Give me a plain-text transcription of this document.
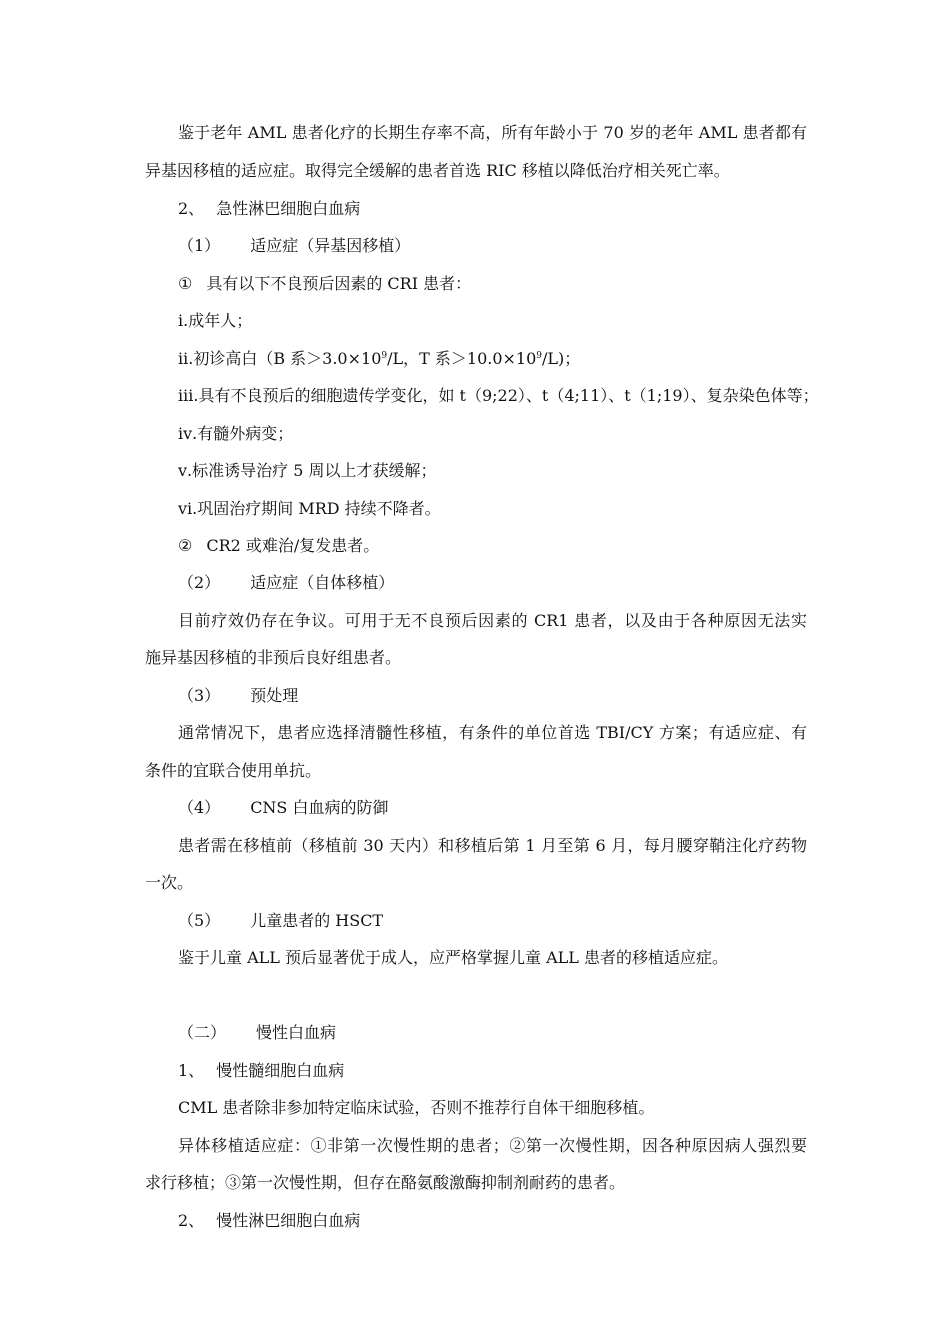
鉴于老年 AML 患者化疗的长期生存率不高，所有年龄小于 70 岁的老年 AML 患者都有

异基因移植的适应症。取得完全缓解的患者首选 RIC 移植以降低治疗相关死亡率。

2、 急性淋巴细胞白血病

（1） 适应症（异基因移植）

① 具有以下不良预后因素的 CRI 患者：

ⅰ.成年人；

ⅱ.初诊高白（B 系$>3.0\times 10^9/L$，T 系$>10.0\times 10^9/L$)；

ⅲ.具有不良预后的细胞遗传学变化，如 t（9;22）、t（4;11）、t（1;19）、复杂染色体等；

ⅳ.有髓外病变；

ⅴ.标准诱导治疗 5 周以上才获缓解；

ⅵ.巩固治疗期间 MRD 持续不降者。

② CR2 或难治/复发患者。

（2） 适应症（自体移植）

目前疗效仍存在争议。可用于无不良预后因素的 CR1 患者，以及由于各种原因无法实

施异基因移植的非预后良好组患者。

（3） 预处理

通常情况下，患者应选择清髓性移植，有条件的单位首选 TBI/CY 方案；有适应症、有

条件的宜联合使用单抗。

（4） CNS 白血病的防御

患者需在移植前（移植前 30 天内）和移植后第 1 月至第 6 月，每月腰穿鞘注化疗药物

一次。

（5） 儿童患者的 HSCT

鉴于儿童 ALL 预后显著优于成人，应严格掌握儿童 ALL 患者的移植适应症。

（二） 慢性白血病

1、 慢性髓细胞白血病

CML 患者除非参加特定临床试验，否则不推荐行自体干细胞移植。

异体移植适应症：①非第一次慢性期的患者；②第一次慢性期，因各种原因病人强烈要

求行移植；③第一次慢性期，但存在酪氨酸激酶抑制剂耐药的患者。

2、 慢性淋巴细胞白血病
